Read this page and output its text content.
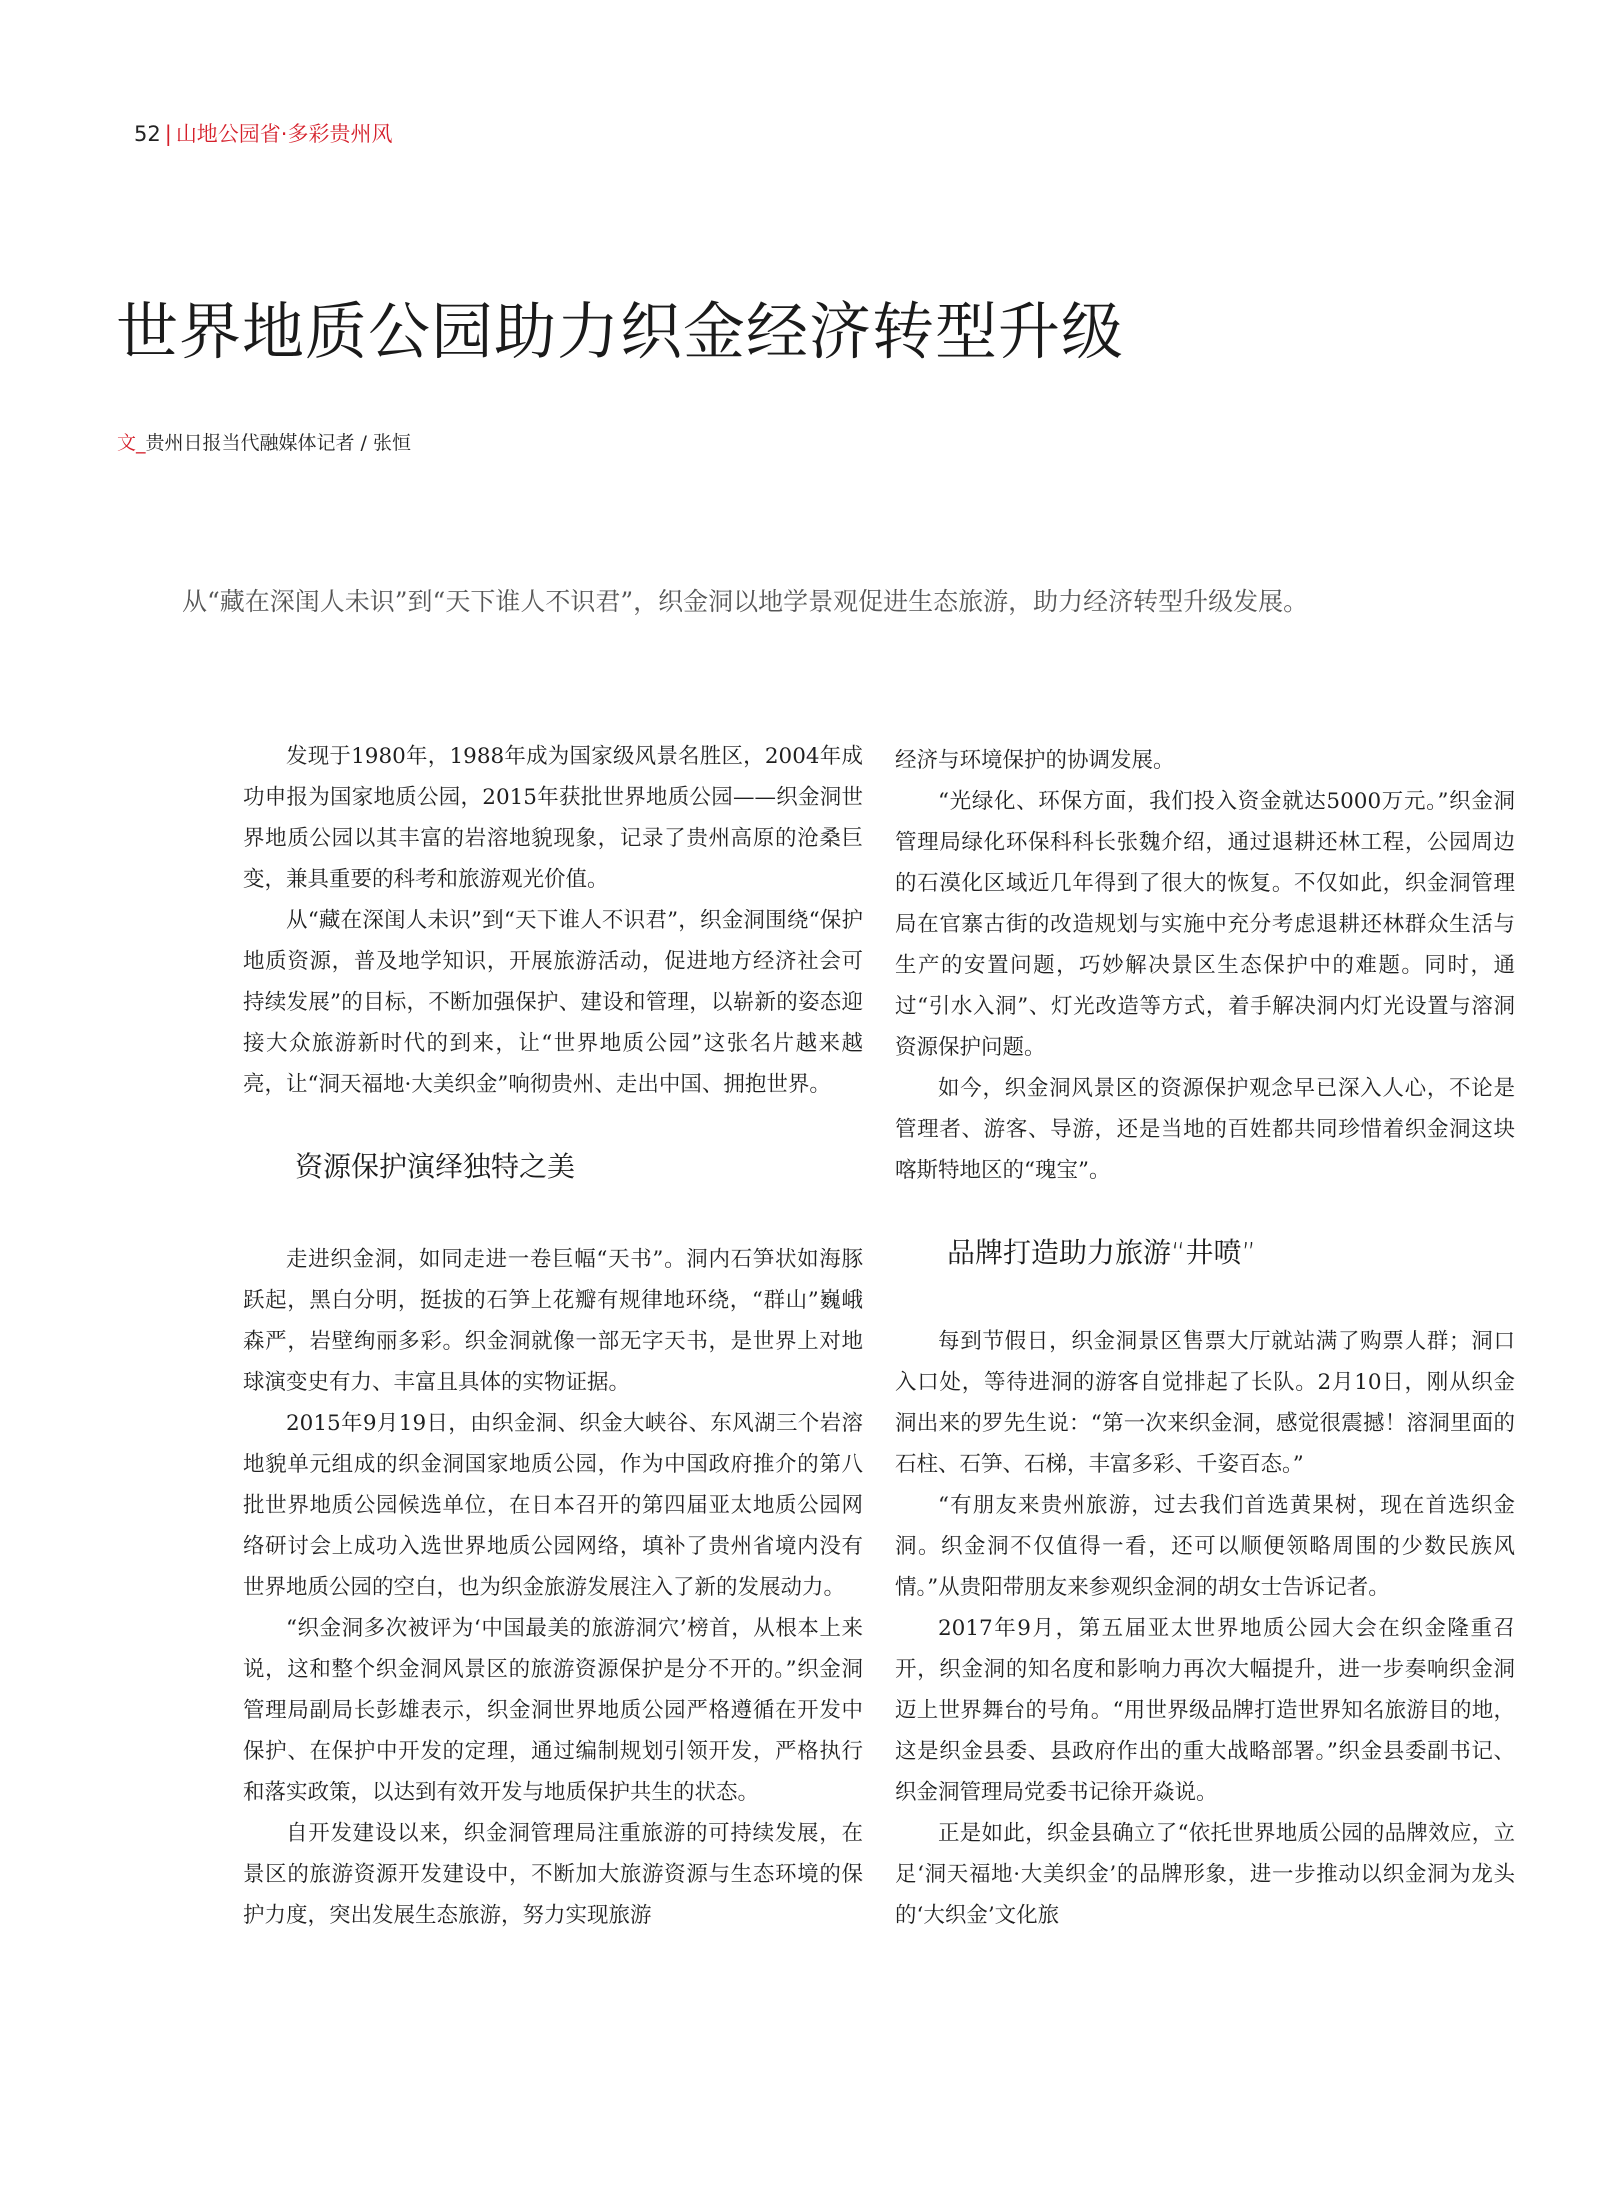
52 | 山地公园省·多彩贵州风
世界地质公园助力织金经济转型升级
文_贵州日报当代融媒体记者 / 张恒

从“藏在深闺人未识”到“天下谁人不识君”，织金洞以地学景观促进生态旅游，助力经济转型升级发展。

发现于1980年，1988年成为国家级风景名胜区，2004年成功申报为国家地质公园，2015年获批世界地质公园——织金洞世界地质公园以其丰富的岩溶地貌现象，记录了贵州高原的沧桑巨变，兼具重要的科考和旅游观光价值。

从“藏在深闺人未识”到“天下谁人不识君”，织金洞围绕“保护地质资源，普及地学知识，开展旅游活动，促进地方经济社会可持续发展”的目标，不断加强保护、建设和管理，以崭新的姿态迎接大众旅游新时代的到来，让“世界地质公园”这张名片越来越亮，让“洞天福地·大美织金”响彻贵州、走出中国、拥抱世界。

资源保护演绎独特之美

走进织金洞，如同走进一卷巨幅“天书”。洞内石笋状如海豚跃起，黑白分明，挺拔的石笋上花瓣有规律地环绕，“群山”巍峨森严，岩壁绚丽多彩。织金洞就像一部无字天书，是世界上对地球演变史有力、丰富且具体的实物证据。

2015年9月19日，由织金洞、织金大峡谷、东风湖三个岩溶地貌单元组成的织金洞国家地质公园，作为中国政府推介的第八批世界地质公园候选单位，在日本召开的第四届亚太地质公园网络研讨会上成功入选世界地质公园网络，填补了贵州省境内没有世界地质公园的空白，也为织金旅游发展注入了新的发展动力。

“织金洞多次被评为‘中国最美的旅游洞穴’榜首，从根本上来说，这和整个织金洞风景区的旅游资源保护是分不开的。”织金洞管理局副局长彭雄表示，织金洞世界地质公园严格遵循在开发中保护、在保护中开发的定理，通过编制规划引领开发，严格执行和落实政策，以达到有效开发与地质保护共生的状态。

自开发建设以来，织金洞管理局注重旅游的可持续发展，在景区的旅游资源开发建设中，不断加大旅游资源与生态环境的保护力度，突出发展生态旅游，努力实现旅游

经济与环境保护的协调发展。

“光绿化、环保方面，我们投入资金就达5000万元。”织金洞管理局绿化环保科科长张魏介绍，通过退耕还林工程，公园周边的石漠化区域近几年得到了很大的恢复。不仅如此，织金洞管理局在官寨古街的改造规划与实施中充分考虑退耕还林群众生活与生产的安置问题，巧妙解决景区生态保护中的难题。同时，通过“引水入洞”、灯光改造等方式，着手解决洞内灯光设置与溶洞资源保护问题。

如今，织金洞风景区的资源保护观念早已深入人心，不论是管理者、游客、导游，还是当地的百姓都共同珍惜着织金洞这块喀斯特地区的“瑰宝”。

品牌打造助力旅游“井喷”

每到节假日，织金洞景区售票大厅就站满了购票人群；洞口入口处，等待进洞的游客自觉排起了长队。2月10日，刚从织金洞出来的罗先生说：“第一次来织金洞，感觉很震撼！溶洞里面的石柱、石笋、石梯，丰富多彩、千姿百态。”

“有朋友来贵州旅游，过去我们首选黄果树，现在首选织金洞。织金洞不仅值得一看，还可以顺便领略周围的少数民族风情。”从贵阳带朋友来参观织金洞的胡女士告诉记者。

2017年9月，第五届亚太世界地质公园大会在织金隆重召开，织金洞的知名度和影响力再次大幅提升，进一步奏响织金洞迈上世界舞台的号角。“用世界级品牌打造世界知名旅游目的地，这是织金县委、县政府作出的重大战略部署。”织金县委副书记、织金洞管理局党委书记徐开焱说。

正是如此，织金县确立了“依托世界地质公园的品牌效应，立足‘洞天福地·大美织金’的品牌形象，进一步推动以织金洞为龙头的‘大织金’文化旅
